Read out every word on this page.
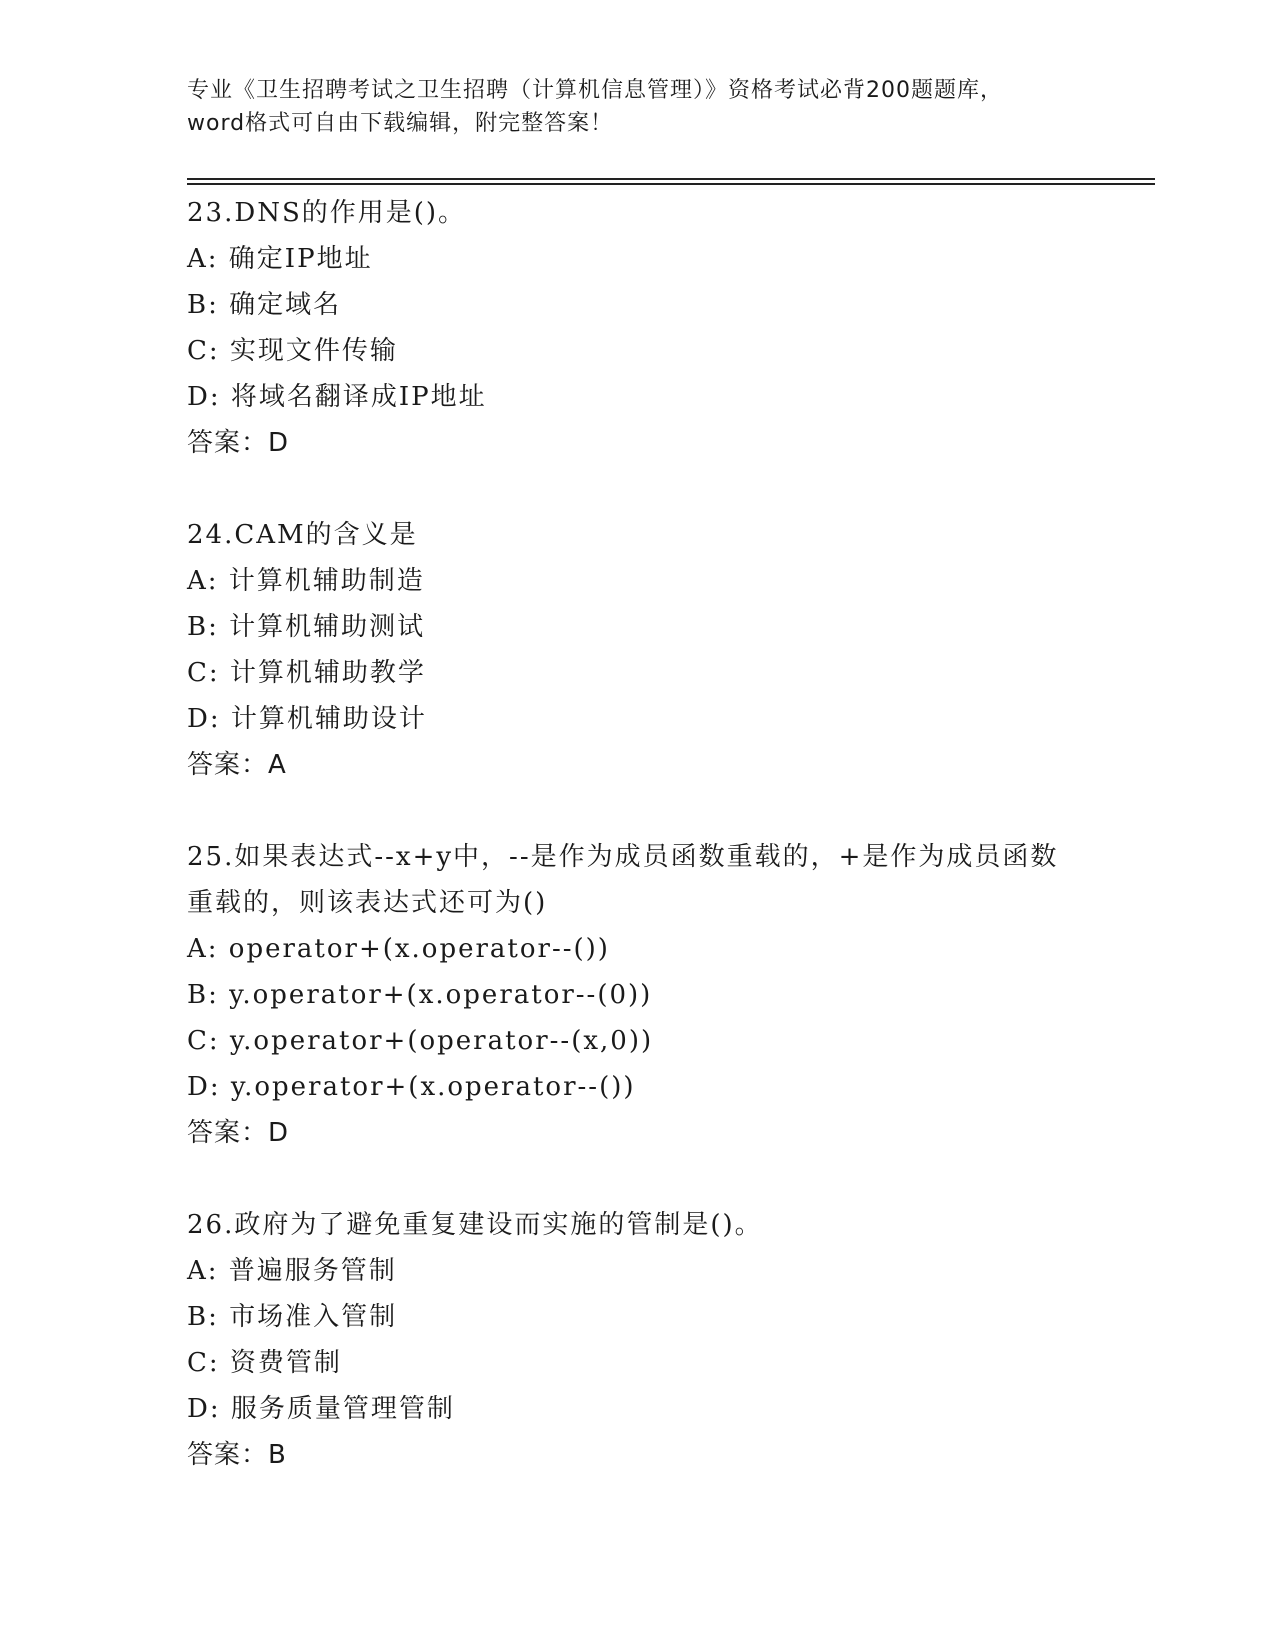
专业《卫生招聘考试之卫生招聘（计算机信息管理）》资格考试必背200题题库，
word格式可自由下载编辑，附完整答案！
23.DNS的作用是()。
A: 确定IP地址
B: 确定域名
C: 实现文件传输
D: 将域名翻译成IP地址
答案：D
24.CAM的含义是
A: 计算机辅助制造
B: 计算机辅助测试
C: 计算机辅助教学
D: 计算机辅助设计
答案：A
25.如果表达式--x+y中，--是作为成员函数重载的，+是作为成员函数
重载的，则该表达式还可为()
A: operator+(x.operator--())
B: y.operator+(x.operator--(0))
C: y.operator+(operator--(x,0))
D: y.operator+(x.operator--())
答案：D
26.政府为了避免重复建设而实施的管制是()。
A: 普遍服务管制
B: 市场准入管制
C: 资费管制
D: 服务质量管理管制
答案：B
